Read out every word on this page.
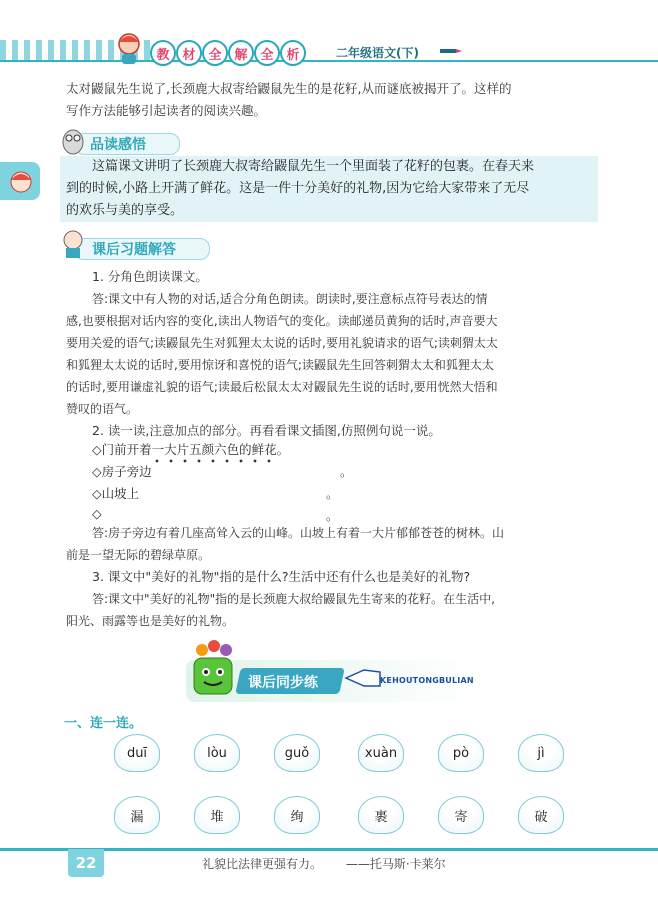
教 材 全 解 全 析	二年级语文(下)
太对鼹鼠先生说了,长颈鹿大叔寄给鼹鼠先生的是花籽,从而谜底被揭开了。这样的
写作方法能够引起读者的阅读兴趣。
品读感悟
这篇课文讲明了长颈鹿大叔寄给鼹鼠先生一个里面装了花籽的包裹。在春天来
到的时候,小路上开满了鲜花。这是一件十分美好的礼物,因为它给大家带来了无尽
的欢乐与美的享受。
课后习题解答
1. 分角色朗读课文。
答:课文中有人物的对话,适合分角色朗读。朗读时,要注意标点符号表达的情
感,也要根据对话内容的变化,读出人物语气的变化。读邮递员黄狗的话时,声音要大
要用关爱的语气;读鼹鼠先生对狐狸太太说的话时,要用礼貌请求的语气;读刺猬太太
和狐狸太太说的话时,要用惊讶和喜悦的语气;读鼹鼠先生回答刺猬太太和狐狸太太
的话时,要用谦虚礼貌的语气;读最后松鼠太太对鼹鼠先生说的话时,要用恍然大悟和
赞叹的语气。
2. 读一读,注意加点的部分。再看看课文插图,仿照例句说一说。
◇门前开着一大片五颜六色的鲜花。
◇房子旁边
◇山坡上
◇
。
。
。
答:房子旁边有着几座高耸入云的山峰。山坡上有着一大片郁郁苍苍的树林。山
前是一望无际的碧绿草原。
3. 课文中"美好的礼物"指的是什么?生活中还有什么也是美好的礼物?
答:课文中"美好的礼物"指的是长颈鹿大叔给鼹鼠先生寄来的花籽。在生活中,
阳光、雨露等也是美好的礼物。
课后同步练	KEHOUTONGBULIAN
一、连一连。
duī	lòu	guǒ	xuàn	pò	jì
漏	堆	绚	裹	寄	破
22	礼貌比法律更强有力。 ——托马斯·卡莱尔
